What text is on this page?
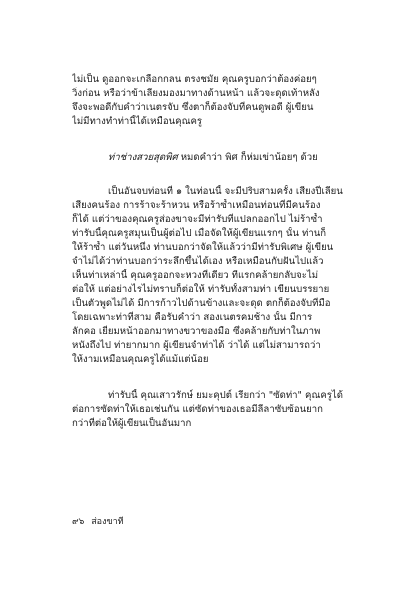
ไม่เป็น ดูออกจะเกลือกกลน ตรงชมัย คุณครูบอกว่าต้องค่อยๆ
วิ่งก่อน หรือว่าข้าเลียงมองมาทางด้านหน้า แล้วจะดุดเท้าหลัง
จึงจะพอดีกับคำว่าเนตรจับ ซึ่งตาก็ต้องจับที่คนดูพอดี ผู้เขียน
ไม่มีทางทำท่านี้ได้เหมือนคุณครู
ท่าช่างสวยสุดพิศ หมดคำว่า พิศ ก็ห่มเข่าน้อยๆ ด้วย
เป็นอันจบท่อนที่ ๑ ในท่อนนี้ จะมีปริบสามครั้ง เสียงปี่เลียน
เสียงคนร้อง การร้าจะร้าหวน หรือร้าซ้ำเหมือนท่อนที่มีคนร้อง
ก็ได้ แต่ว่าของคุณครูส่องขาจะมีท่ารับที่แปลกออกไป ไม่ร้าซ้ำ
ท่ารับนี้คุณครูสมุนเป็นผู้ต่อไป เมื่อจัดให้ผู้เขียนแรกๆ นั้น ท่านก็
ให้ร้าซ้ำ แต่วันหนึ่ง ท่านบอกว่าจัดให้แล้วว่ามีท่ารับพิเศษ ผู้เขียน
จำไม่ได้ว่าท่านบอกว่าระลึกขึ้นได้เอง หรือเหมือนกับฝันไปแล้ว
เห็นท่าเหล่านี้ คุณครูออกจะหวงที่เดียว ทีแรกคล้ายกลับจะไม่
ต่อให้ แต่อย่างไรไม่ทราบก็ต่อให้ ท่ารับทั้งสามท่า เขียนบรรยาย
เป็นตัวพูดไม่ได้ มีการก้าวไปด้านข้างและจะดุด ตกก็ต้องจับที่มือ
โดยเฉพาะท่าที่สาม คือรับคำว่า สองเนตรคมช้าง นั้น มีการ
ลักคอ เยี่ยมหน้าออกมาทางขวาของมือ ซึ่งคล้ายกับท่าในภาพ
หนังถึงไป ท่ายากมาก ผู้เขียนจำท่าได้ ว่าได้ แต่ไม่สามารถว่า
ให้งามเหมือนคุณครูได้แม้แต่น้อย
ท่ารับนี้ คุณเสาวรักษ์ ยมะคุปต์ เรียกว่า "ซัดท่า" คุณครูได้
ต่อการซัดท่าให้เธอเช่นกัน แต่ซัดท่าของเธอมีลีลาซับซ้อนยาก
กว่าที่ต่อให้ผู้เขียนเป็นอันมาก
๙๖ ส่องขาที
